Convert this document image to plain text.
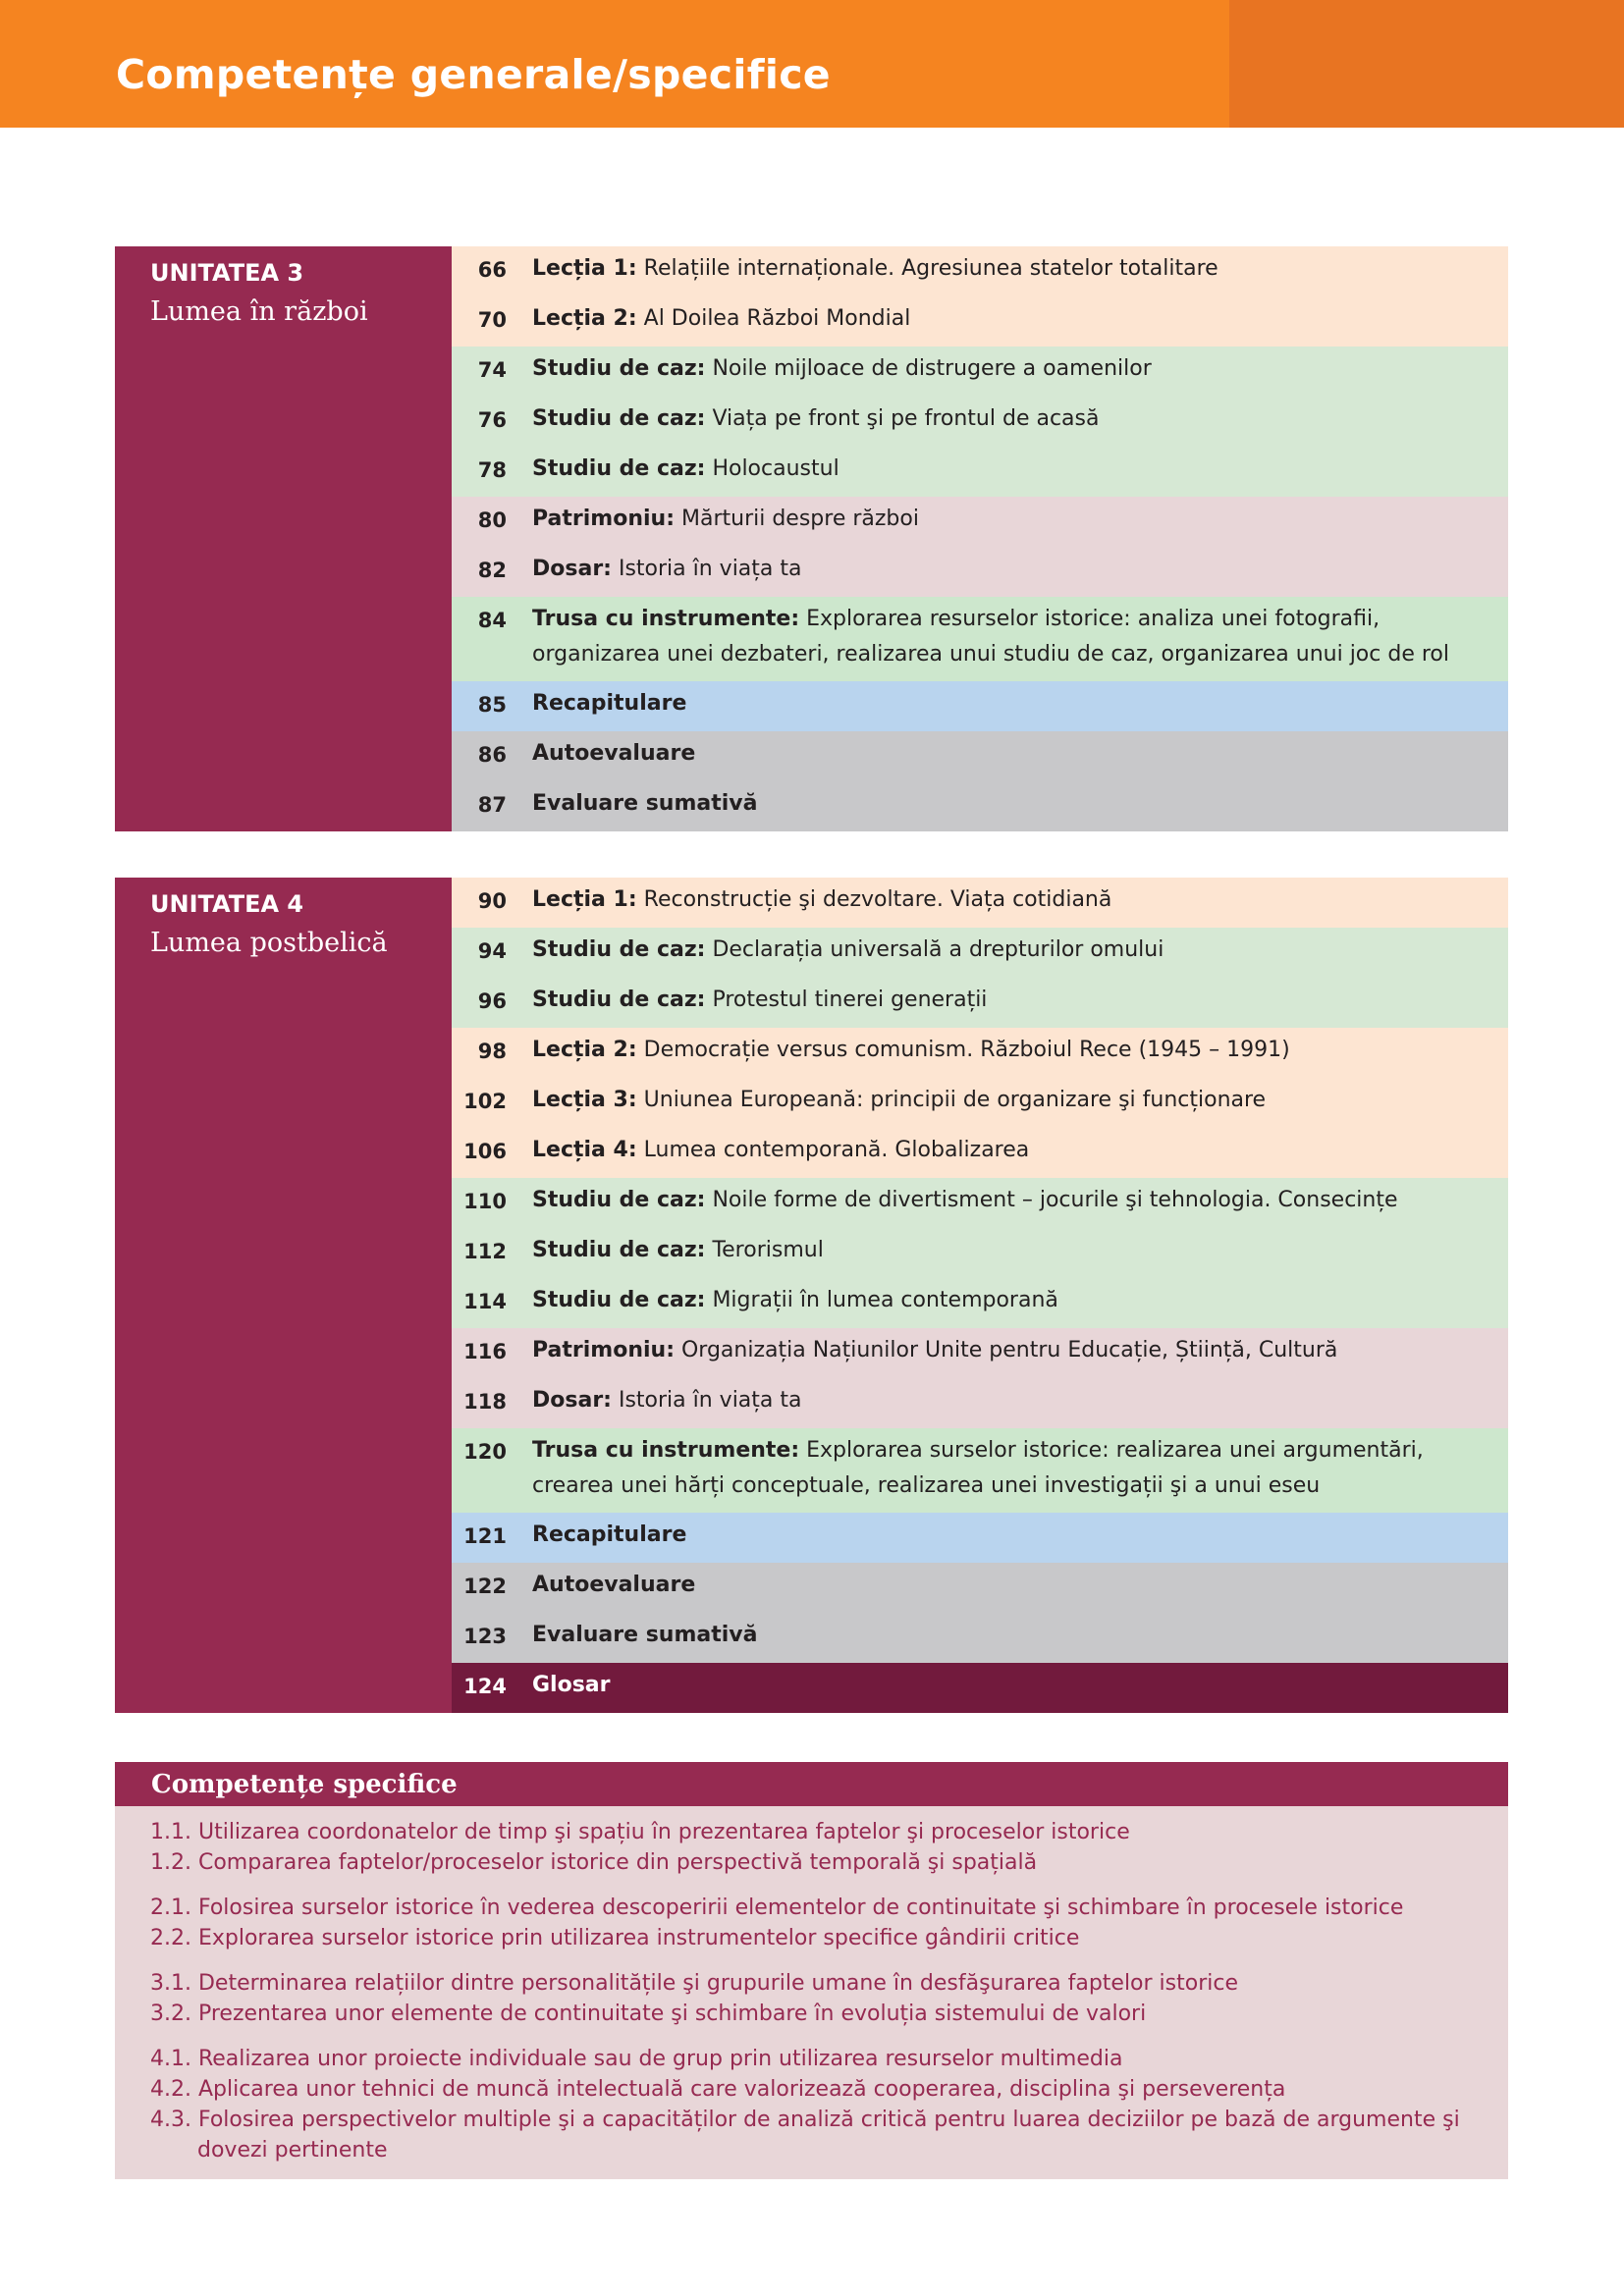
Competențe generale/specifice
UNITATEA 3
Lumea în război
66 Lecția 1: Relațiile internaționale. Agresiunea statelor totalitare
70 Lecția 2: Al Doilea Război Mondial
74 Studiu de caz: Noile mijloace de distrugere a oamenilor
76 Studiu de caz: Viața pe front şi pe frontul de acasă
78 Studiu de caz: Holocaustul
80 Patrimoniu: Mărturii despre război
82 Dosar: Istoria în viața ta
84 Trusa cu instrumente: Explorarea resurselor istorice: analiza unei fotografii, organizarea unei dezbateri, realizarea unui studiu de caz, organizarea unui joc de rol
85 Recapitulare
86 Autoevaluare
87 Evaluare sumativă
UNITATEA 4
Lumea postbelică
90 Lecția 1: Reconstrucție şi dezvoltare. Viața cotidiană
94 Studiu de caz: Declarația universală a drepturilor omului
96 Studiu de caz: Protestul tinerei generații
98 Lecția 2: Democrație versus comunism. Războiul Rece (1945 – 1991)
102 Lecția 3: Uniunea Europeană: principii de organizare şi funcționare
106 Lecția 4: Lumea contemporană. Globalizarea
110 Studiu de caz: Noile forme de divertisment – jocurile şi tehnologia. Consecințe
112 Studiu de caz: Terorismul
114 Studiu de caz: Migrații în lumea contemporană
116 Patrimoniu: Organizația Națiunilor Unite pentru Educație, Știință, Cultură
118 Dosar: Istoria în viața ta
120 Trusa cu instrumente: Explorarea surselor istorice: realizarea unei argumentări, crearea unei hărți conceptuale, realizarea unei investigații şi a unui eseu
121 Recapitulare
122 Autoevaluare
123 Evaluare sumativă
124 Glosar
Competențe specifice
1.1. Utilizarea coordonatelor de timp şi spațiu în prezentarea faptelor şi proceselor istorice
1.2. Compararea faptelor/proceselor istorice din perspectivă temporală şi spațială
2.1. Folosirea surselor istorice în vederea descoperirii elementelor de continuitate şi schimbare în procesele istorice
2.2. Explorarea surselor istorice prin utilizarea instrumentelor specifice gândirii critice
3.1. Determinarea relațiilor dintre personalitățile şi grupurile umane în desfăşurarea faptelor istorice
3.2. Prezentarea unor elemente de continuitate şi schimbare în evoluția sistemului de valori
4.1. Realizarea unor proiecte individuale sau de grup prin utilizarea resurselor multimedia
4.2. Aplicarea unor tehnici de muncă intelectuală care valorizează cooperarea, disciplina şi perseverența
4.3. Folosirea perspectivelor multiple şi a capacităților de analiză critică pentru luarea deciziilor pe bază de argumente şi dovezi pertinente
